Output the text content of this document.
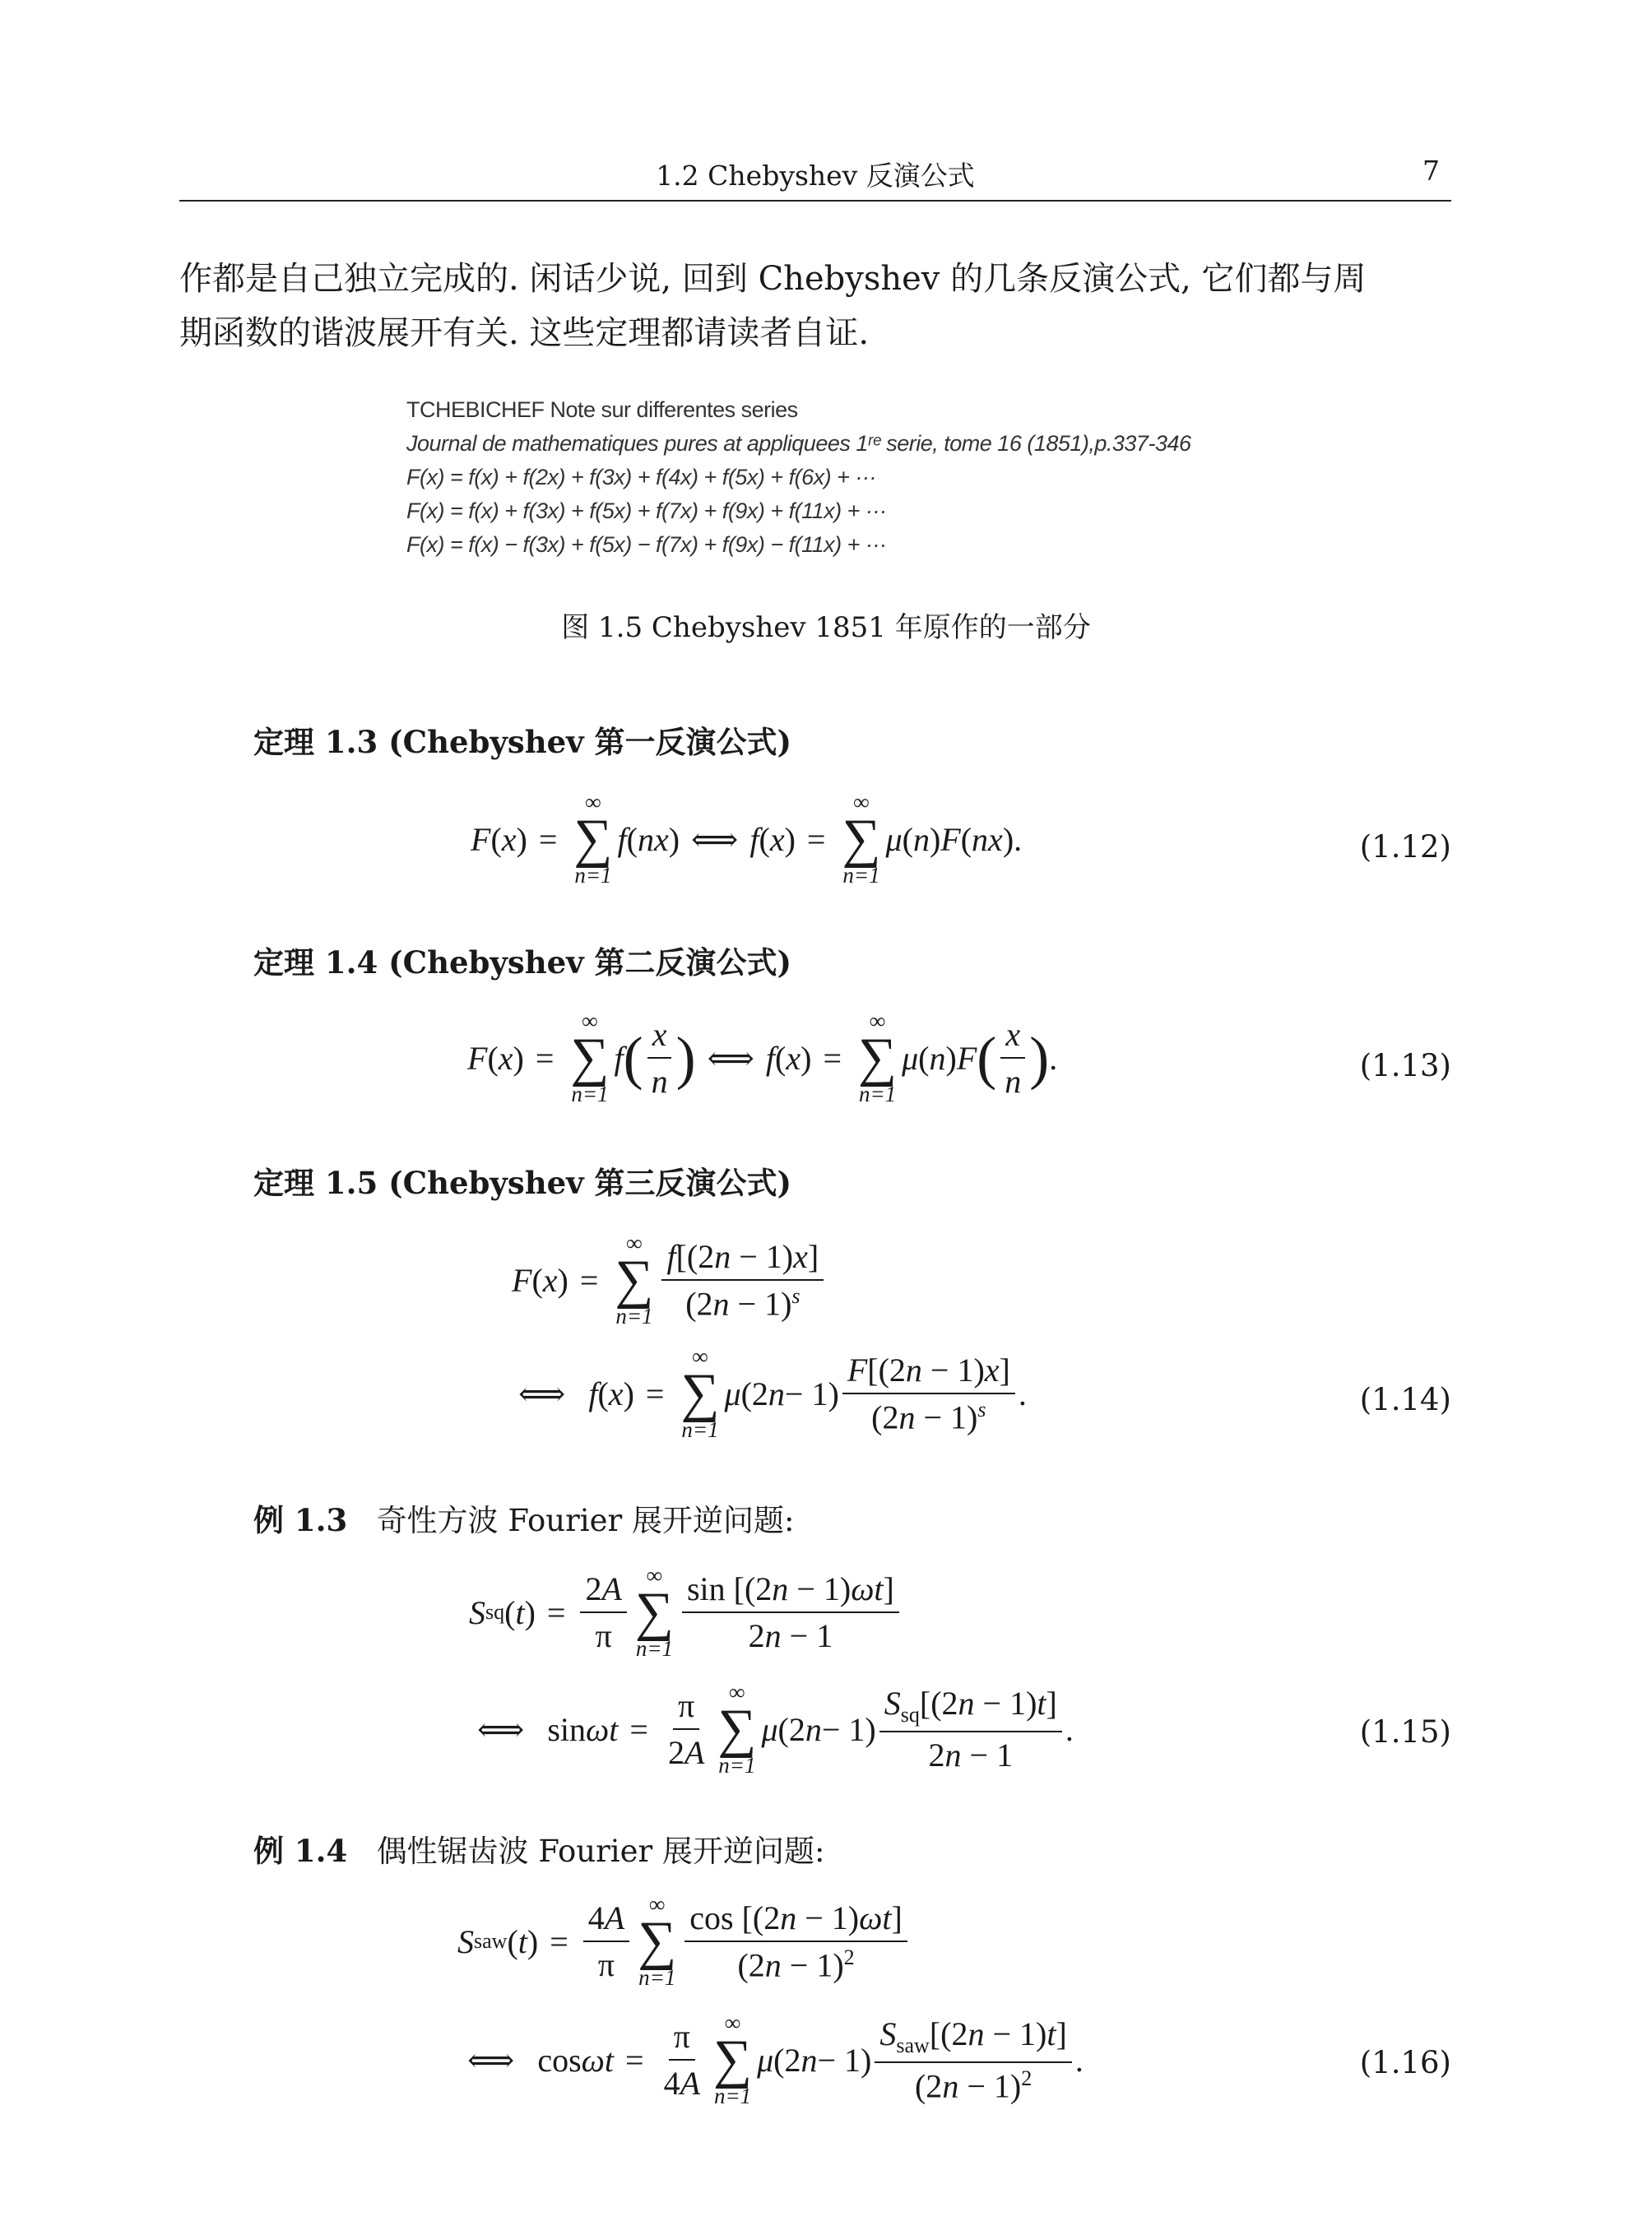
1.2 Chebyshev 反演公式	7
作都是自己独立完成的. 闲话少说, 回到 Chebyshev 的几条反演公式, 它们都与周
期函数的谐波展开有关. 这些定理都请读者自证.
TCHEBICHEF Note sur differentes series
Journal de mathematiques pures at appliquees 1ʳᵉ serie, tome 16 (1851),p.337-346
F(x) = f(x) + f(2x) + f(3x) + f(4x) + f(5x) + f(6x) + ···
F(x) = f(x) + f(3x) + f(5x) + f(7x) + f(9x) + f(11x) + ···
F(x) = f(x) − f(3x) + f(5x) − f(7x) + f(9x) − f(11x) + ···
图 1.5 Chebyshev 1851 年原作的一部分
定理 1.3 (Chebyshev 第一反演公式)
F ( x ) =
∞
∑
n=1
f ( nx ) ⟺ f ( x ) =
∞
∑
n=1
μ ( n ) F ( nx ).	(1.12)
定理 1.4 (Chebyshev 第二反演公式)
F ( x ) =
∞
∑
n=1
f ( $\frac{x}{n}$ ) ⟺ f ( x ) =
∞
∑
n=1
μ ( n ) F ( $\frac{x}{n}$ ) .	(1.13)
定理 1.5 (Chebyshev 第三反演公式)
F ( x ) =
∞
∑
$n=1 \frac{f[(2n - 1)x]}{(2n - 1)^s}$
⟺ f ( x ) =
∞
∑
n=1
μ (2 $n - 1) \frac{F[(2n - 1)x]}{(2n - 1)^s}$ .	(1.14)
例 1.3 奇性方波 Fourier 展开逆问题:
S sq ( t ) = $\frac{2A}{\pi}$ ∞
∑
$n=1 \frac{\sin [(2n - 1)\omega t]}{2n - 1}$
⟺ $\sin \omega t = \frac{\pi}{2A}$ ∞
∑
n=1
μ (2 $n - 1) \frac{S_{sq}[(2n - 1)t]}{2n - 1}$ .	(1.15)
例 1.4 偶性锯齿波 Fourier 展开逆问题:
S saw ( t ) = $\frac{4A}{\pi}$ ∞
∑
$n=1 \frac{\cos [(2n - 1)\omega t]}{(2n - 1)^2}$
⟺ $\cos \omega t = \frac{\pi}{4A}$ ∞
∑
n=1
μ (2 $n - 1) \frac{S_{saw}[(2n - 1)t]}{(2n - 1)^2}$ .	(1.16)
